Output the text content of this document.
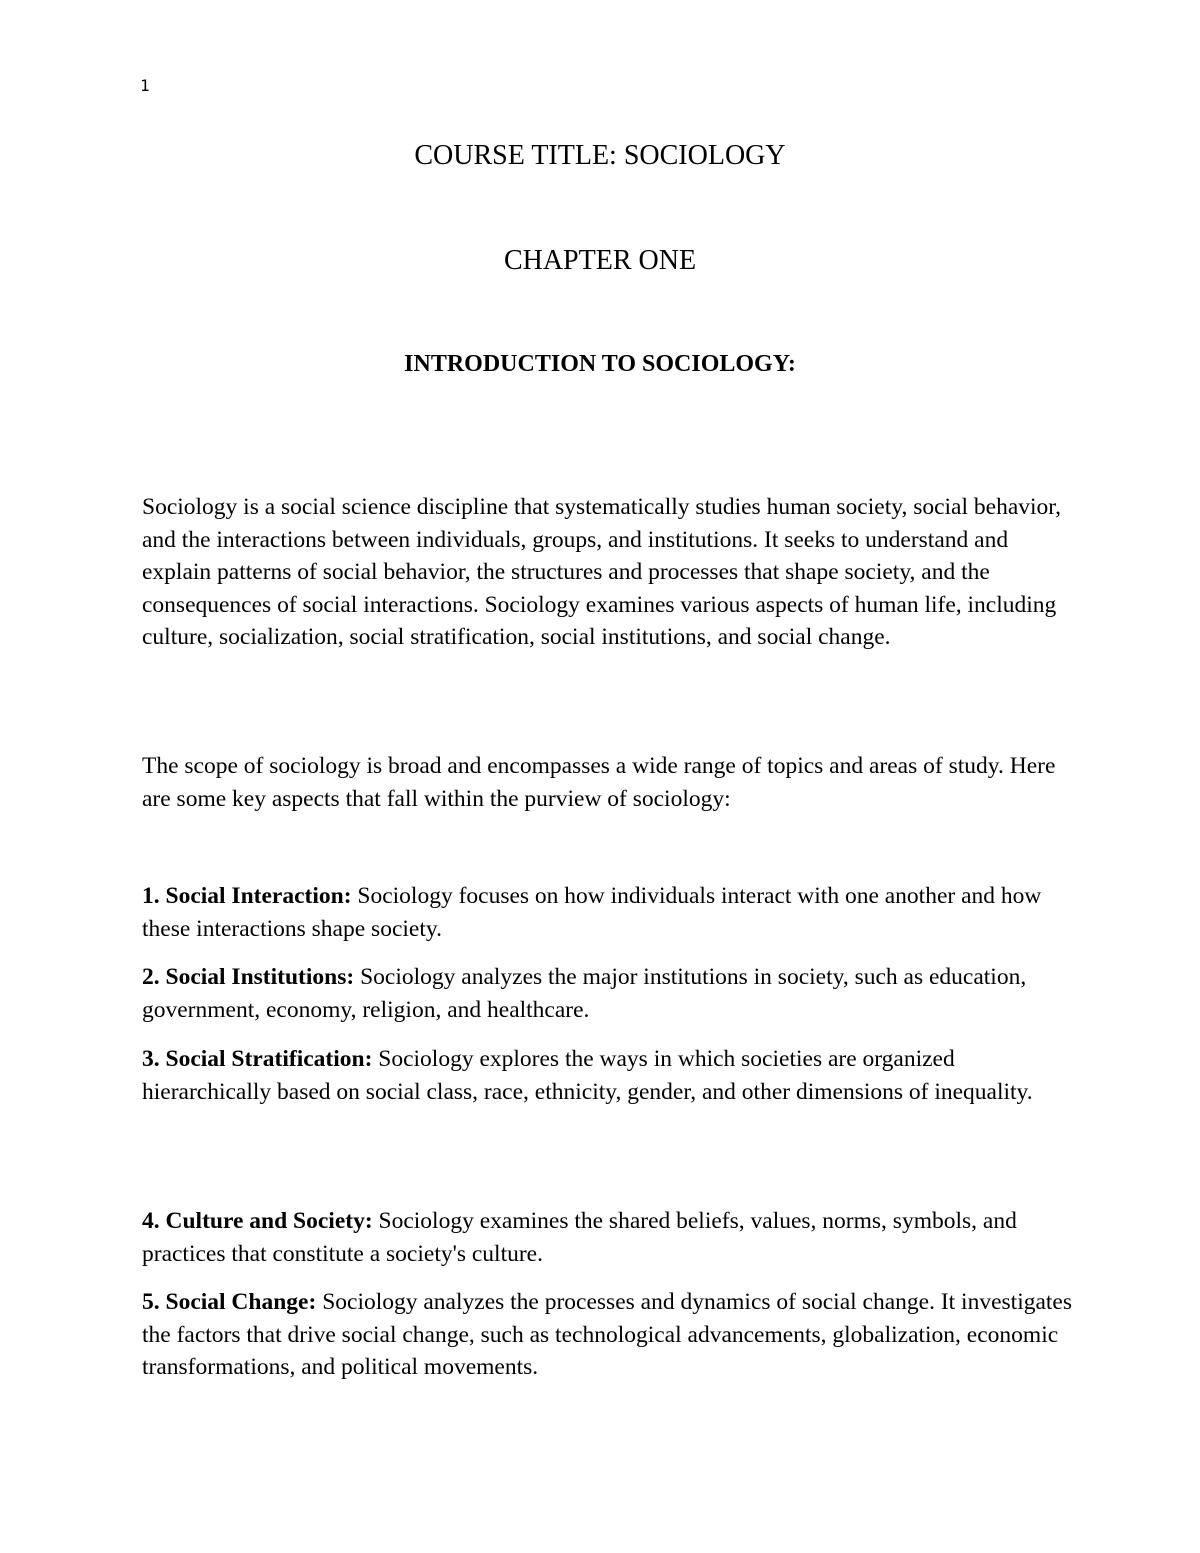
1
COURSE TITLE: SOCIOLOGY
CHAPTER ONE
INTRODUCTION TO SOCIOLOGY:

Sociology is a social science discipline that systematically studies human society, social behavior, and the interactions between individuals, groups, and institutions. It seeks to understand and explain patterns of social behavior, the structures and processes that shape society, and the consequences of social interactions. Sociology examines various aspects of human life, including culture, socialization, social stratification, social institutions, and social change.

The scope of sociology is broad and encompasses a wide range of topics and areas of study. Here are some key aspects that fall within the purview of sociology:

1. Social Interaction: Sociology focuses on how individuals interact with one another and how these interactions shape society.

2. Social Institutions: Sociology analyzes the major institutions in society, such as education, government, economy, religion, and healthcare.

3. Social Stratification: Sociology explores the ways in which societies are organized hierarchically based on social class, race, ethnicity, gender, and other dimensions of inequality.

4. Culture and Society: Sociology examines the shared beliefs, values, norms, symbols, and practices that constitute a society's culture.

5. Social Change: Sociology analyzes the processes and dynamics of social change. It investigates the factors that drive social change, such as technological advancements, globalization, economic transformations, and political movements.
